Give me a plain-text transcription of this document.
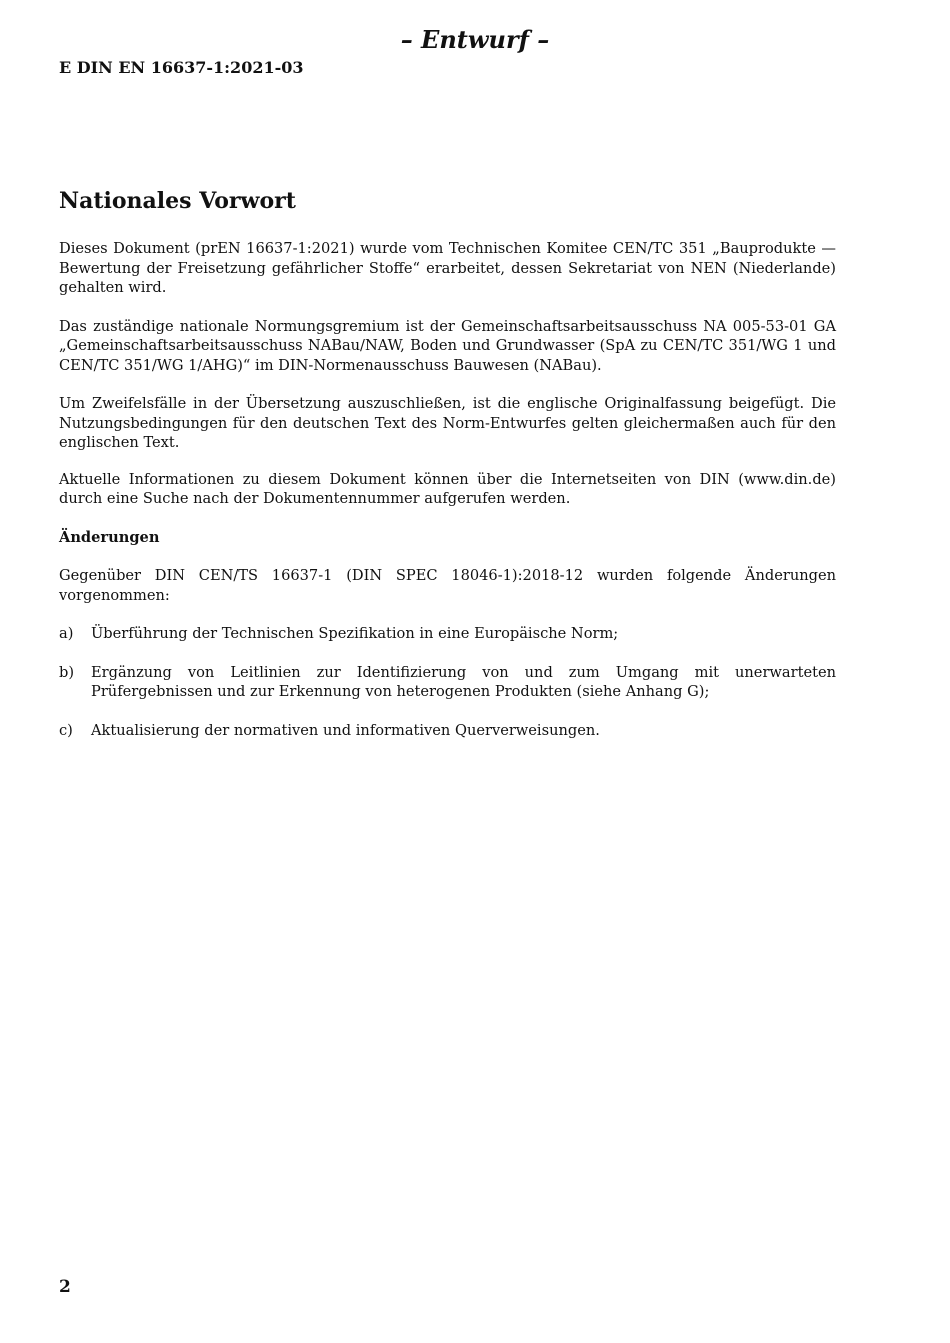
– Entwurf –
E DIN EN 16637-1:2021-03
Nationales Vorwort

Dieses Dokument (prEN 16637-1:2021) wurde vom Technischen Komitee CEN/TC 351 „Bauprodukte — Bewertung der Freisetzung gefährlicher Stoffe“ erarbeitet, dessen Sekretariat von NEN (Niederlande) gehalten wird.

Das zuständige nationale Normungsgremium ist der Gemeinschaftsarbeitsausschuss NA 005-53-01 GA „Gemeinschaftsarbeitsausschuss NABau/NAW, Boden und Grundwasser (SpA zu CEN/TC 351/WG 1 und CEN/TC 351/WG 1/AHG)“ im DIN-Normenausschuss Bauwesen (NABau).

Um Zweifelsfälle in der Übersetzung auszuschließen, ist die englische Originalfassung beigefügt. Die Nutzungsbedingungen für den deutschen Text des Norm-Entwurfes gelten gleichermaßen auch für den englischen Text.

Aktuelle Informationen zu diesem Dokument können über die Internetseiten von DIN (www.din.de) durch eine Suche nach der Dokumentennummer aufgerufen werden.

Änderungen

Gegenüber DIN CEN/TS 16637-1 (DIN SPEC 18046-1):2018-12 wurden folgende Änderungen vorgenommen:

a)	Überführung der Technischen Spezifikation in eine Europäische Norm;
b)	Ergänzung von Leitlinien zur Identifizierung von und zum Umgang mit unerwarteten Prüfergebnissen und zur Erkennung von heterogenen Produkten (siehe Anhang G);
c)	Aktualisierung der normativen und informativen Querverweisungen.
2
